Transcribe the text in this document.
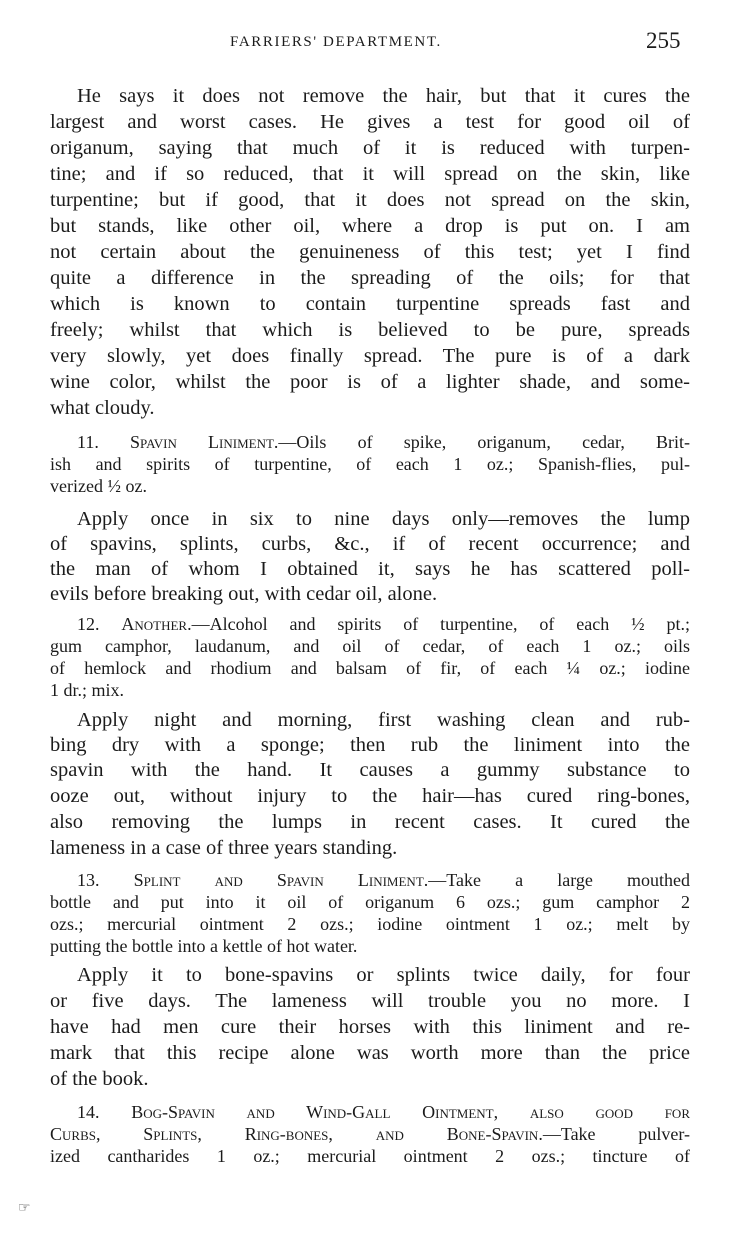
FARRIERS' DEPARTMENT.	255

He says it does not remove the hair, but that it cures the

largest and worst cases. He gives a test for good oil of

origanum, saying that much of it is reduced with turpen-

tine; and if so reduced, that it will spread on the skin, like

turpentine; but if good, that it does not spread on the skin,

but stands, like other oil, where a drop is put on. I am

not certain about the genuineness of this test; yet I find

quite a difference in the spreading of the oils; for that

which is known to contain turpentine spreads fast and

freely; whilst that which is believed to be pure, spreads

very slowly, yet does finally spread. The pure is of a dark

wine color, whilst the poor is of a lighter shade, and some-

what cloudy.

11. Spavin Liniment.—Oils of spike, origanum, cedar, Brit-

ish and spirits of turpentine, of each 1 oz.; Spanish-flies, pul-

verized ½ oz.

Apply once in six to nine days only—removes the lump

of spavins, splints, curbs, &c., if of recent occurrence; and

the man of whom I obtained it, says he has scattered poll-

evils before breaking out, with cedar oil, alone.

12. Another.—Alcohol and spirits of turpentine, of each ½ pt.;

gum camphor, laudanum, and oil of cedar, of each 1 oz.; oils

of hemlock and rhodium and balsam of fir, of each ¼ oz.; iodine

1 dr.; mix.

Apply night and morning, first washing clean and rub-

bing dry with a sponge; then rub the liniment into the

spavin with the hand. It causes a gummy substance to

ooze out, without injury to the hair—has cured ring-bones,

also removing the lumps in recent cases. It cured the

lameness in a case of three years standing.

13. Splint and Spavin Liniment.—Take a large mouthed

bottle and put into it oil of origanum 6 ozs.; gum camphor 2

ozs.; mercurial ointment 2 ozs.; iodine ointment 1 oz.; melt by

putting the bottle into a kettle of hot water.

Apply it to bone-spavins or splints twice daily, for four

or five days. The lameness will trouble you no more. I

have had men cure their horses with this liniment and re-

mark that this recipe alone was worth more than the price

of the book.

14. Bog-Spavin and Wind-Gall Ointment, also good for

Curbs, Splints, Ring-bones, and Bone-Spavin.—Take pulver-

ized cantharides 1 oz.; mercurial ointment 2 ozs.; tincture of

☞
